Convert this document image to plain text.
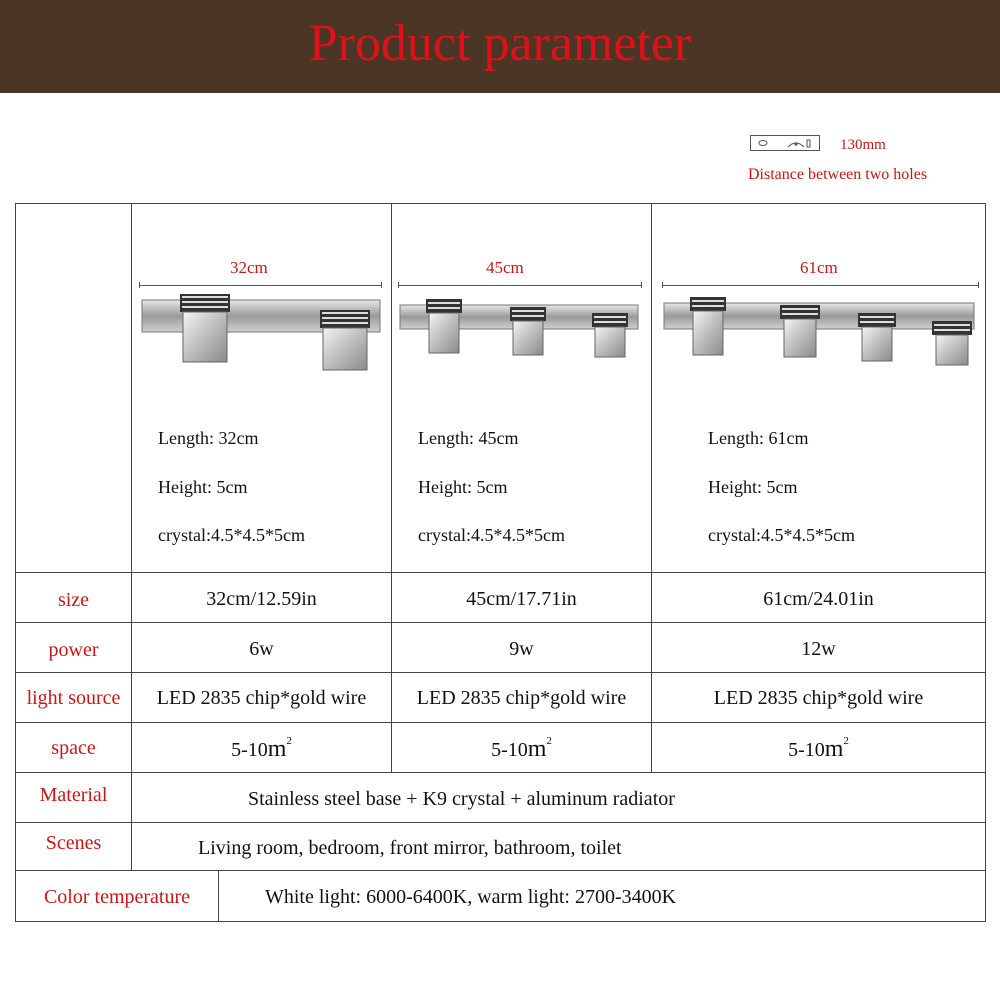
Product parameter
130mm
Distance between two holes
32cm
Length: 32cm
Height: 5cm
crystal:4.5*4.5*5cm
45cm
Length: 45cm
Height: 5cm
crystal:4.5*4.5*5cm
61cm
Length: 61cm
Height: 5cm
crystal:4.5*4.5*5cm
size	32cm/12.59in	45cm/17.71in	61cm/24.01in
power	6w	9w	12w
light source	LED 2835 chip*gold wire	LED 2835 chip*gold wire	LED 2835 chip*gold wire
space	$5-10m^2$	$5-10m^2$	$5-10m^2$
Material	Stainless steel base + K9 crystal + aluminum radiator
Scenes	Living room, bedroom, front mirror, bathroom, toilet
Color temperature	White light: 6000-6400K, warm light: 2700-3400K
